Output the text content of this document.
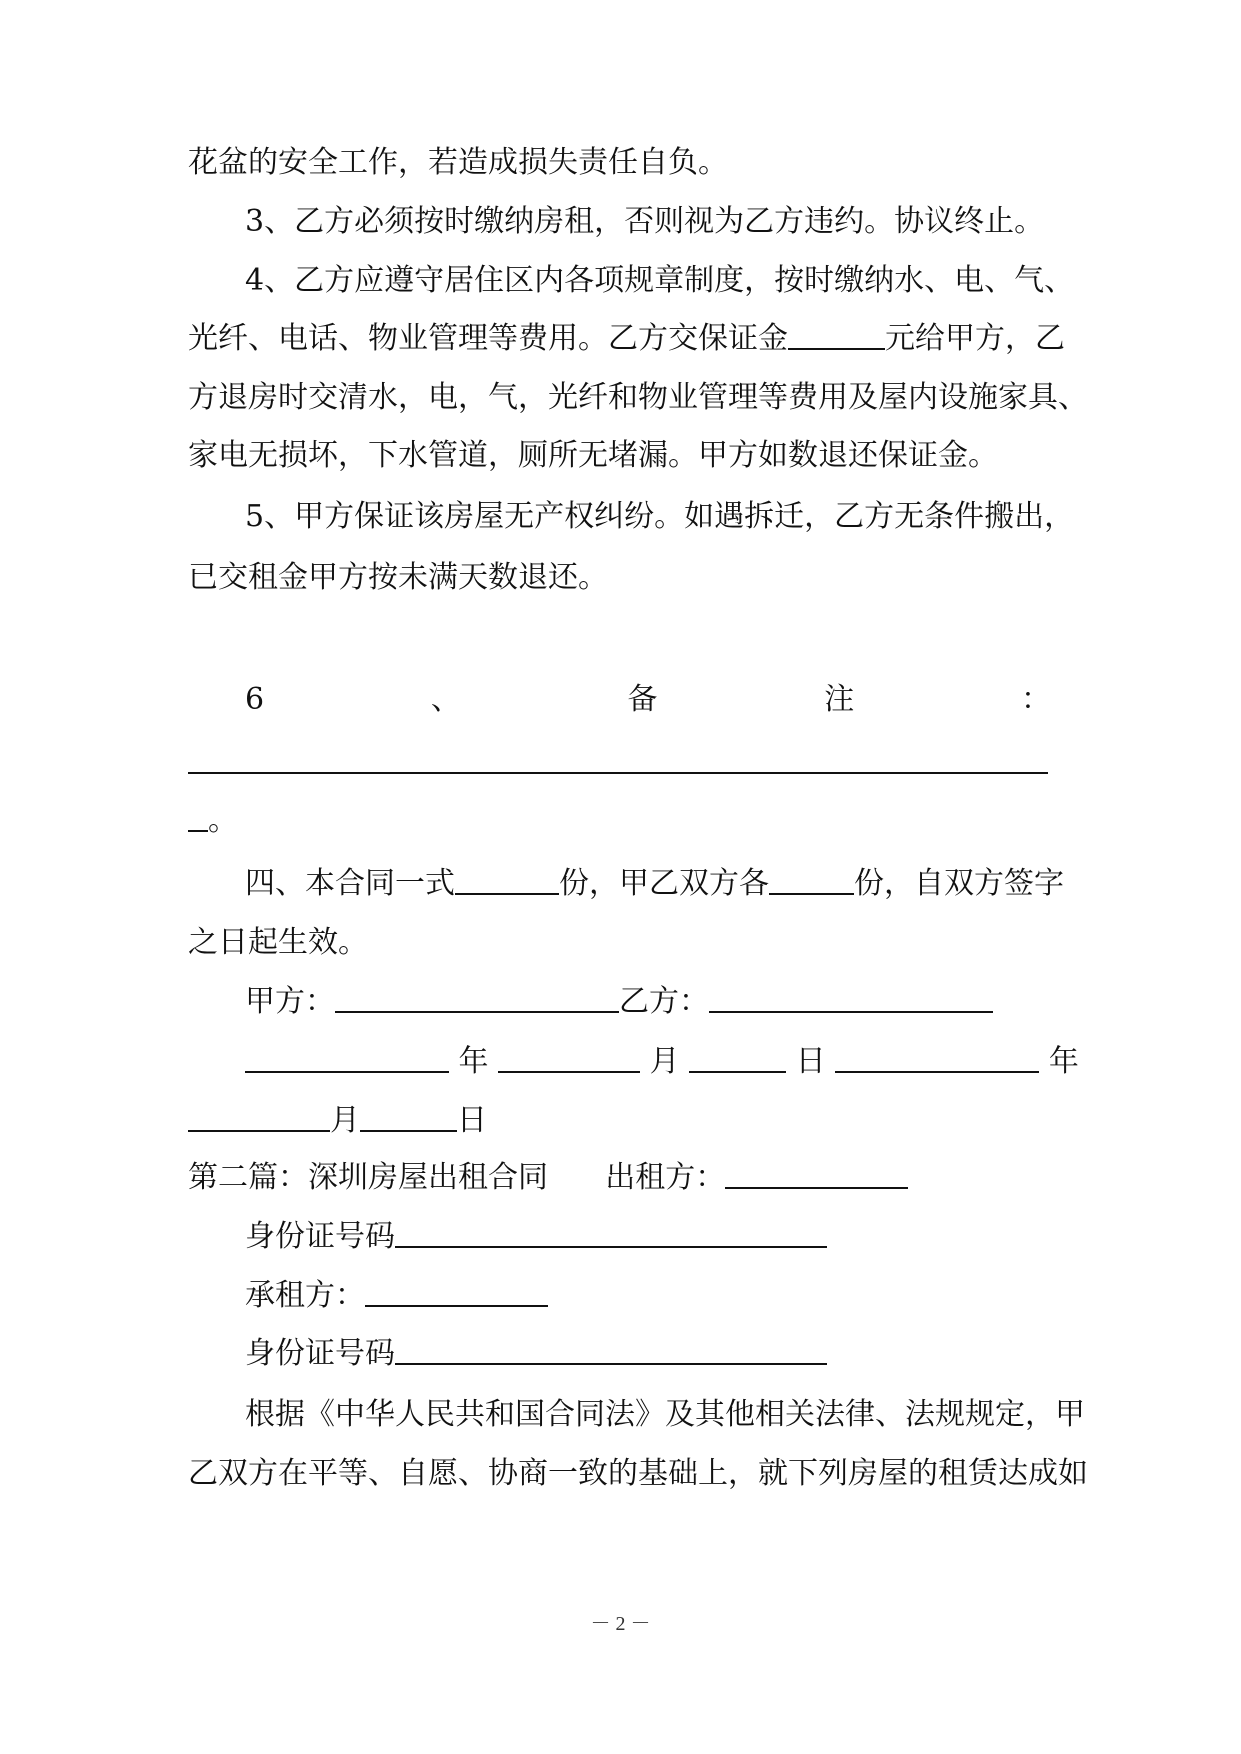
花盆的安全工作，若造成损失责任自负。
3、乙方必须按时缴纳房租，否则视为乙方违约。协议终止。
4、乙方应遵守居住区内各项规章制度，按时缴纳水、电、气、
光纤、电话、物业管理等费用。乙方交保证金	元给甲方，乙
方退房时交清水，电，气，光纤和物业管理等费用及屋内设施家具、
家电无损坏，下水管道，厕所无堵漏。甲方如数退还保证金。
5、甲方保证该房屋无产权纠纷。如遇拆迁，乙方无条件搬出，
已交租金甲方按未满天数退还。
6	、	备	注	：
。
四、本合同一式	份，甲乙双方各	份，自双方签字
之日起生效。
甲方：	乙方：
年	月	日	年
月	日
第二篇：深圳房屋出租合同 出租方：
身份证号码
承租方：
身份证号码
根据《中华人民共和国合同法》及其他相关法律、法规规定，甲
乙双方在平等、自愿、协商一致的基础上，就下列房屋的租赁达成如
－ 2 －
